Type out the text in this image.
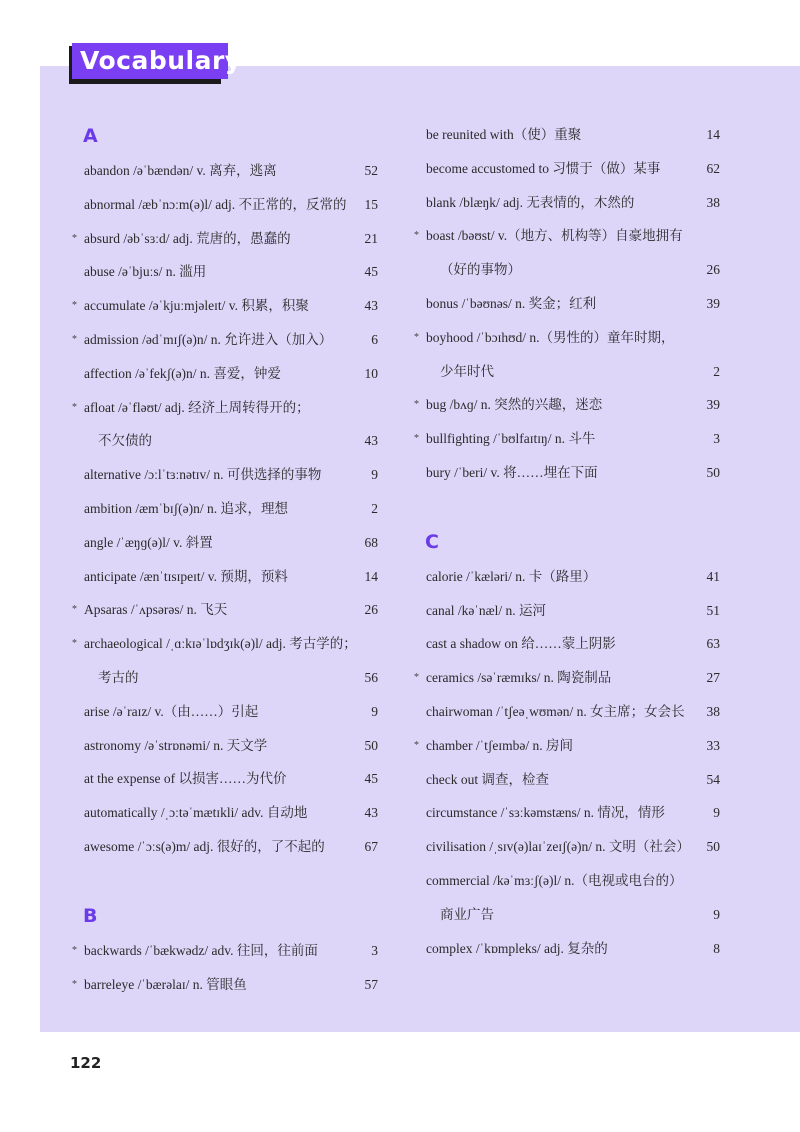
Vocabulary
A
abandon /əˈbændən/ v. 离弃，逃离	52
abnormal /æbˈnɔːm(ə)l/ adj. 不正常的，反常的 15
* absurd /əbˈsɜːd/ adj. 荒唐的，愚蠢的	21
abuse /əˈbjuːs/ n. 滥用	45
* accumulate /əˈkjuːmjəleɪt/ v. 积累，积聚	43
* admission /ədˈmɪʃ(ə)n/ n. 允许进入（加入）	6
affection /əˈfekʃ(ə)n/ n. 喜爱，钟爱	10
* afloat /əˈfləʊt/ adj. 经济上周转得开的；
不欠债的	43
alternative /ɔːlˈtɜːnətɪv/ n. 可供选择的事物	9
ambition /æmˈbɪʃ(ə)n/ n. 追求，理想	2
angle /ˈæŋɡ(ə)l/ v. 斜置	68
anticipate /ænˈtɪsɪpeɪt/ v. 预期，预料	14
* Apsaras /ˈʌpsərəs/ n. 飞天	26
* archaeological /ˌɑːkɪəˈlɒdʒɪk(ə)l/ adj. 考古学的；
考古的	56
arise /əˈraɪz/ v.（由……）引起	9
astronomy /əˈstrɒnəmi/ n. 天文学	50
at the expense of 以损害……为代价	45
automatically /ˌɔːtəˈmætɪkli/ adv. 自动地	43
awesome /ˈɔːs(ə)m/ adj. 很好的，了不起的	67
B
* backwards /ˈbækwədz/ adv. 往回，往前面	3
* barreleye /ˈbærəlaɪ/ n. 管眼鱼	57
be reunited with（使）重聚	14
become accustomed to 习惯于（做）某事	62
blank /blæŋk/ adj. 无表情的，木然的	38
* boast /bəʊst/ v.（地方、机构等）自豪地拥有
（好的事物）	26
bonus /ˈbəʊnəs/ n. 奖金；红利	39
* boyhood /ˈbɔɪhʊd/ n.（男性的）童年时期，
少年时代	2
* bug /bʌɡ/ n. 突然的兴趣，迷恋	39
* bullfighting /ˈbʊlfaɪtɪŋ/ n. 斗牛	3
bury /ˈberi/ v. 将……埋在下面	50
C
calorie /ˈkæləri/ n. 卡（路里）	41
canal /kəˈnæl/ n. 运河	51
cast a shadow on 给……蒙上阴影	63
* ceramics /səˈræmɪks/ n. 陶瓷制品	27
chairwoman /ˈtʃeəˌwʊmən/ n. 女主席；女会长 38
* chamber /ˈtʃeɪmbə/ n. 房间	33
check out 调查，检查	54
circumstance /ˈsɜːkəmstæns/ n. 情况，情形	9
civilisation /ˌsɪv(ə)laɪˈzeɪʃ(ə)n/ n. 文明（社会） 50
commercial /kəˈmɜːʃ(ə)l/ n.（电视或电台的）
商业广告	9
complex /ˈkɒmpleks/ adj. 复杂的	8
122
